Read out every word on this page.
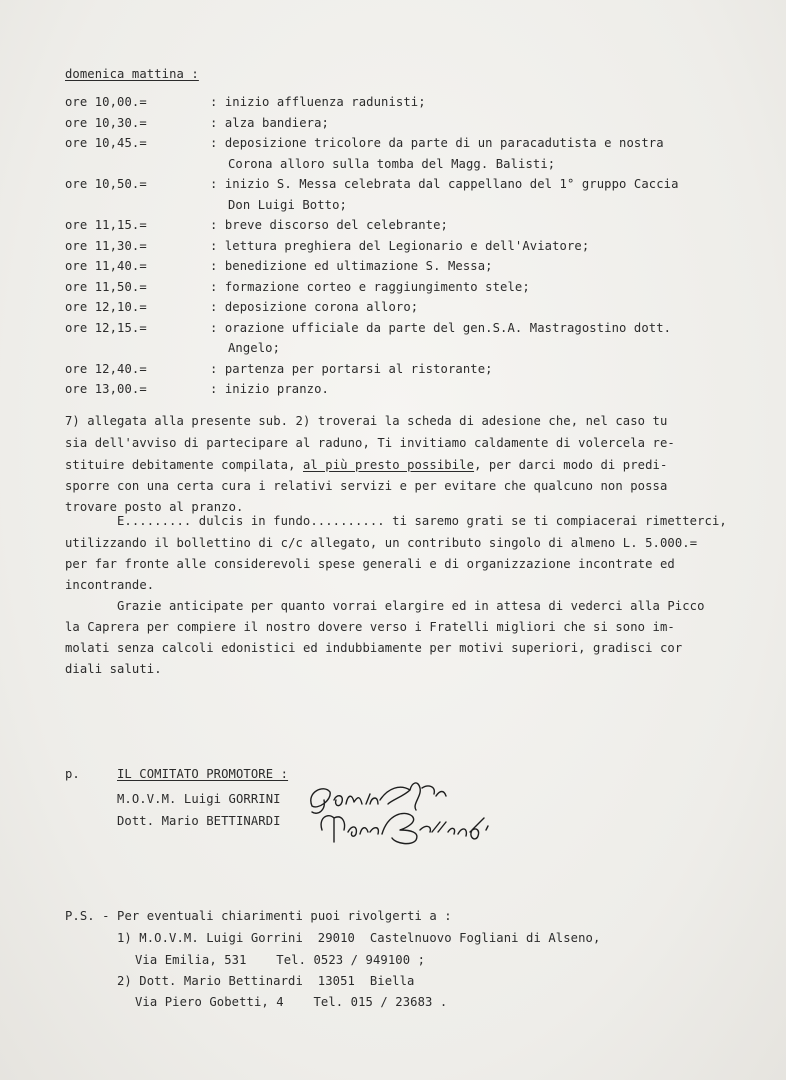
domenica mattina :
ore 10,00.=	: inizio affluenza radunisti;
ore 10,30.=	: alza bandiera;
ore 10,45.=	: deposizione tricolore da parte di un paracadutista e nostra
Corona alloro sulla tomba del Magg. Balisti;
ore 10,50.=	: inizio S. Messa celebrata dal cappellano del 1° gruppo Caccia
Don Luigi Botto;
ore 11,15.=	: breve discorso del celebrante;
ore 11,30.=	: lettura preghiera del Legionario e dell'Aviatore;
ore 11,40.=	: benedizione ed ultimazione S. Messa;
ore 11,50.=	: formazione corteo e raggiungimento stele;
ore 12,10.=	: deposizione corona alloro;
ore 12,15.=	: orazione ufficiale da parte del gen.S.A. Mastragostino dott.
Angelo;
ore 12,40.=	: partenza per portarsi al ristorante;
ore 13,00.=	: inizio pranzo.
7) allegata alla presente sub. 2) troverai la scheda di adesione che, nel caso tu
sia dell'avviso di partecipare al raduno, Ti invitiamo caldamente di volercela re-
stituire debitamente compilata, al più presto possibile, per darci modo di predi-
sporre con una certa cura i relativi servizi e per evitare che qualcuno non possa
trovare posto al pranzo.
E......... dulcis in fundo.......... ti saremo grati se ti compiacerai rimetterci,
utilizzando il bollettino di c/c allegato, un contributo singolo di almeno L. 5.000.=
per far fronte alle considerevoli spese generali e di organizzazione incontrate ed
incontrande.
Grazie anticipate per quanto vorrai elargire ed in attesa di vederci alla Picco
la Caprera per compiere il nostro dovere verso i Fratelli migliori che si sono im-
molati senza calcoli edonistici ed indubbiamente per motivi superiori, gradisci cor
diali saluti.
p.	IL COMITATO PROMOTORE :
M.O.V.M. Luigi GORRINI
Dott. Mario BETTINARDI
P.S. - Per eventuali chiarimenti puoi rivolgerti a :
1) M.O.V.M. Luigi Gorrini  29010  Castelnuovo Fogliani di Alseno,
Via Emilia, 531    Tel. 0523 / 949100 ;
2) Dott. Mario Bettinardi  13051  Biella
Via Piero Gobetti, 4    Tel. 015 / 23683 .
